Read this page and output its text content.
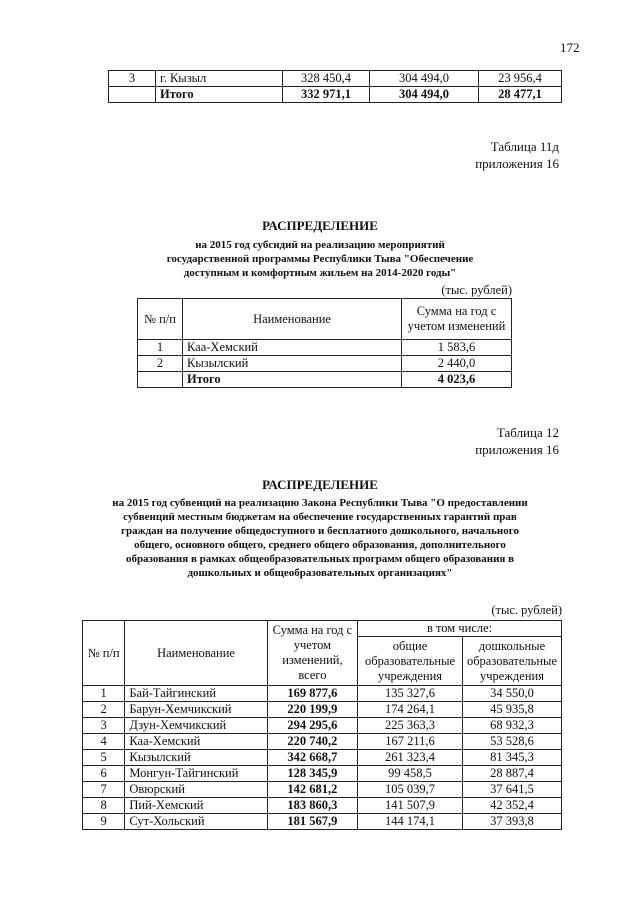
172
3	г. Кызыл	328 450,4	304 494,0	23 956,4
	Итого	332 971,1	304 494,0	28 477,1
Таблица 11д
приложения 16
РАСПРЕДЕЛЕНИЕ
на 2015 год субсидий на реализацию мероприятий
государственной программы Республики Тыва "Обеспечение
доступным и комфортным жильем на 2014-2020 годы"
(тыс. рублей)
№ п/п	Наименование	Сумма на год с учетом изменений
1	Каа-Хемский	1 583,6
2	Кызылский	2 440,0
	Итого	4 023,6
Таблица 12
приложения 16
РАСПРЕДЕЛЕНИЕ
на 2015 год субвенций на реализацию Закона Республики Тыва "О предоставлении
субвенций местным бюджетам на обеспечение государственных гарантий прав
граждан на получение общедоступного и бесплатного дошкольного, начального
общего, основного общего, среднего общего образования, дополнительного
образования в рамках общеобразовательных программ общего образования в
дошкольных и общеобразовательных организациях"
(тыс. рублей)
№ п/п	Наименование	Сумма на год с учетом изменений, всего	в том числе:	
			общие образовательные учреждения	дошкольные образовательные учреждения
1	Бай-Тайгинский	169 877,6	135 327,6	34 550,0
2	Барун-Хемчикский	220 199,9	174 264,1	45 935,8
3	Дзун-Хемчикский	294 295,6	225 363,3	68 932,3
4	Каа-Хемский	220 740,2	167 211,6	53 528,6
5	Кызылский	342 668,7	261 323,4	81 345,3
6	Монгун-Тайгинский	128 345,9	99 458,5	28 887,4
7	Овюрский	142 681,2	105 039,7	37 641,5
8	Пий-Хемский	183 860,3	141 507,9	42 352,4
9	Сут-Хольский	181 567,9	144 174,1	37 393,8
